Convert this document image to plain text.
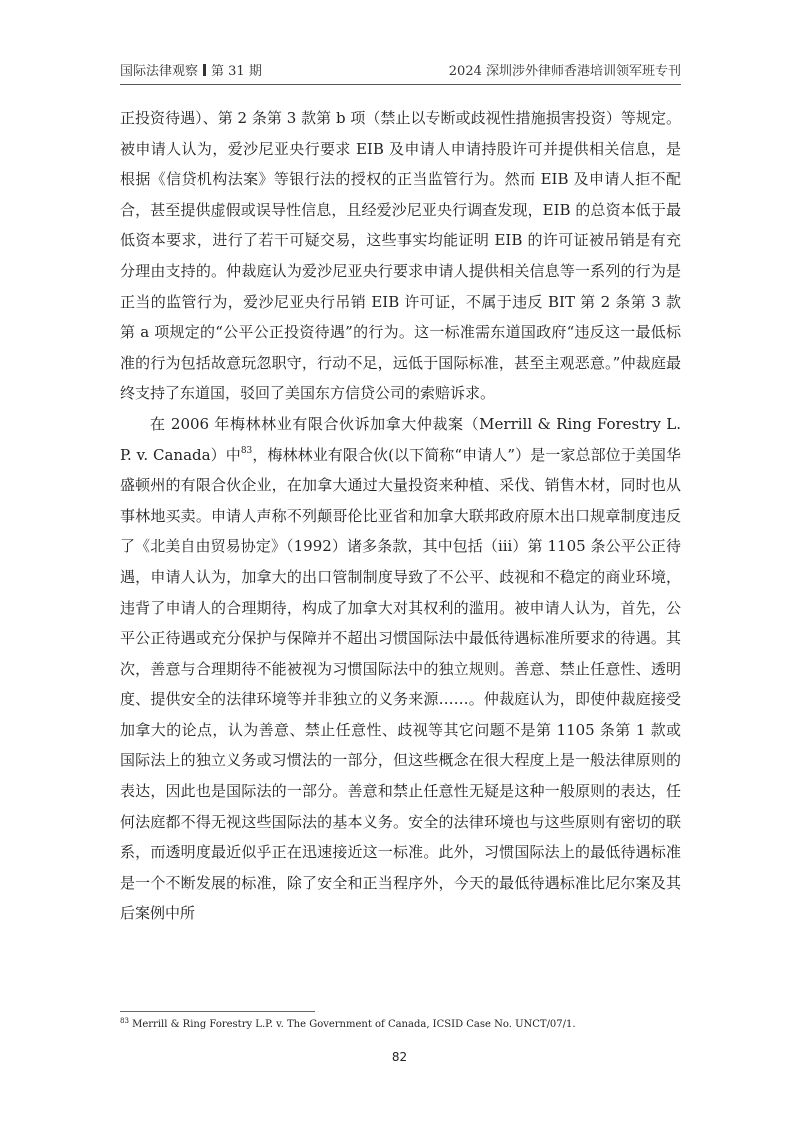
国际法律观察 第 31 期	2024 深圳涉外律师香港培训领军班专刊

正投资待遇）、第 2 条第 3 款第 b 项（禁止以专断或歧视性措施损害投资）等规定。被申请人认为，爱沙尼亚央行要求 EIB 及申请人申请持股许可并提供相关信息，是根据《信贷机构法案》等银行法的授权的正当监管行为。然而 EIB 及申请人拒不配合，甚至提供虚假或误导性信息，且经爱沙尼亚央行调查发现，EIB 的总资本低于最低资本要求，进行了若干可疑交易，这些事实均能证明 EIB 的许可证被吊销是有充分理由支持的。仲裁庭认为爱沙尼亚央行要求申请人提供相关信息等一系列的行为是正当的监管行为，爱沙尼亚央行吊销 EIB 许可证，不属于违反 BIT 第 2 条第 3 款第 a 项规定的“公平公正投资待遇”的行为。这一标准需东道国政府“违反这一最低标准的行为包括故意玩忽职守，行动不足，远低于国际标准，甚至主观恶意。”仲裁庭最终支持了东道国，驳回了美国东方信贷公司的索赔诉求。

在 2006 年梅林林业有限合伙诉加拿大仲裁案（Merrill & Ring Forestry L. P. v. Canada）中$^{83}$，梅林林业有限合伙(以下简称“申请人”）是一家总部位于美国华盛顿州的有限合伙企业，在加拿大通过大量投资来种植、采伐、销售木材，同时也从事林地买卖。申请人声称不列颠哥伦比亚省和加拿大联邦政府原木出口规章制度违反了《北美自由贸易协定》（1992）诸多条款，其中包括（iii）第 1105 条公平公正待遇，申请人认为，加拿大的出口管制制度导致了不公平、歧视和不稳定的商业环境，违背了申请人的合理期待，构成了加拿大对其权利的滥用。被申请人认为，首先，公平公正待遇或充分保护与保障并不超出习惯国际法中最低待遇标准所要求的待遇。其次，善意与合理期待不能被视为习惯国际法中的独立规则。善意、禁止任意性、透明度、提供安全的法律环境等并非独立的义务来源……。仲裁庭认为，即使仲裁庭接受加拿大的论点，认为善意、禁止任意性、歧视等其它问题不是第 1105 条第 1 款或国际法上的独立义务或习惯法的一部分，但这些概念在很大程度上是一般法律原则的表达，因此也是国际法的一部分。善意和禁止任意性无疑是这种一般原则的表达，任何法庭都不得无视这些国际法的基本义务。安全的法律环境也与这些原则有密切的联系，而透明度最近似乎正在迅速接近这一标准。此外，习惯国际法上的最低待遇标准是一个不断发展的标准，除了安全和正当程序外，今天的最低待遇标准比尼尔案及其后案例中所

$^{83}$ Merrill & Ring Forestry L.P. v. The Government of Canada, ICSID Case No. UNCT/07/1.
82
